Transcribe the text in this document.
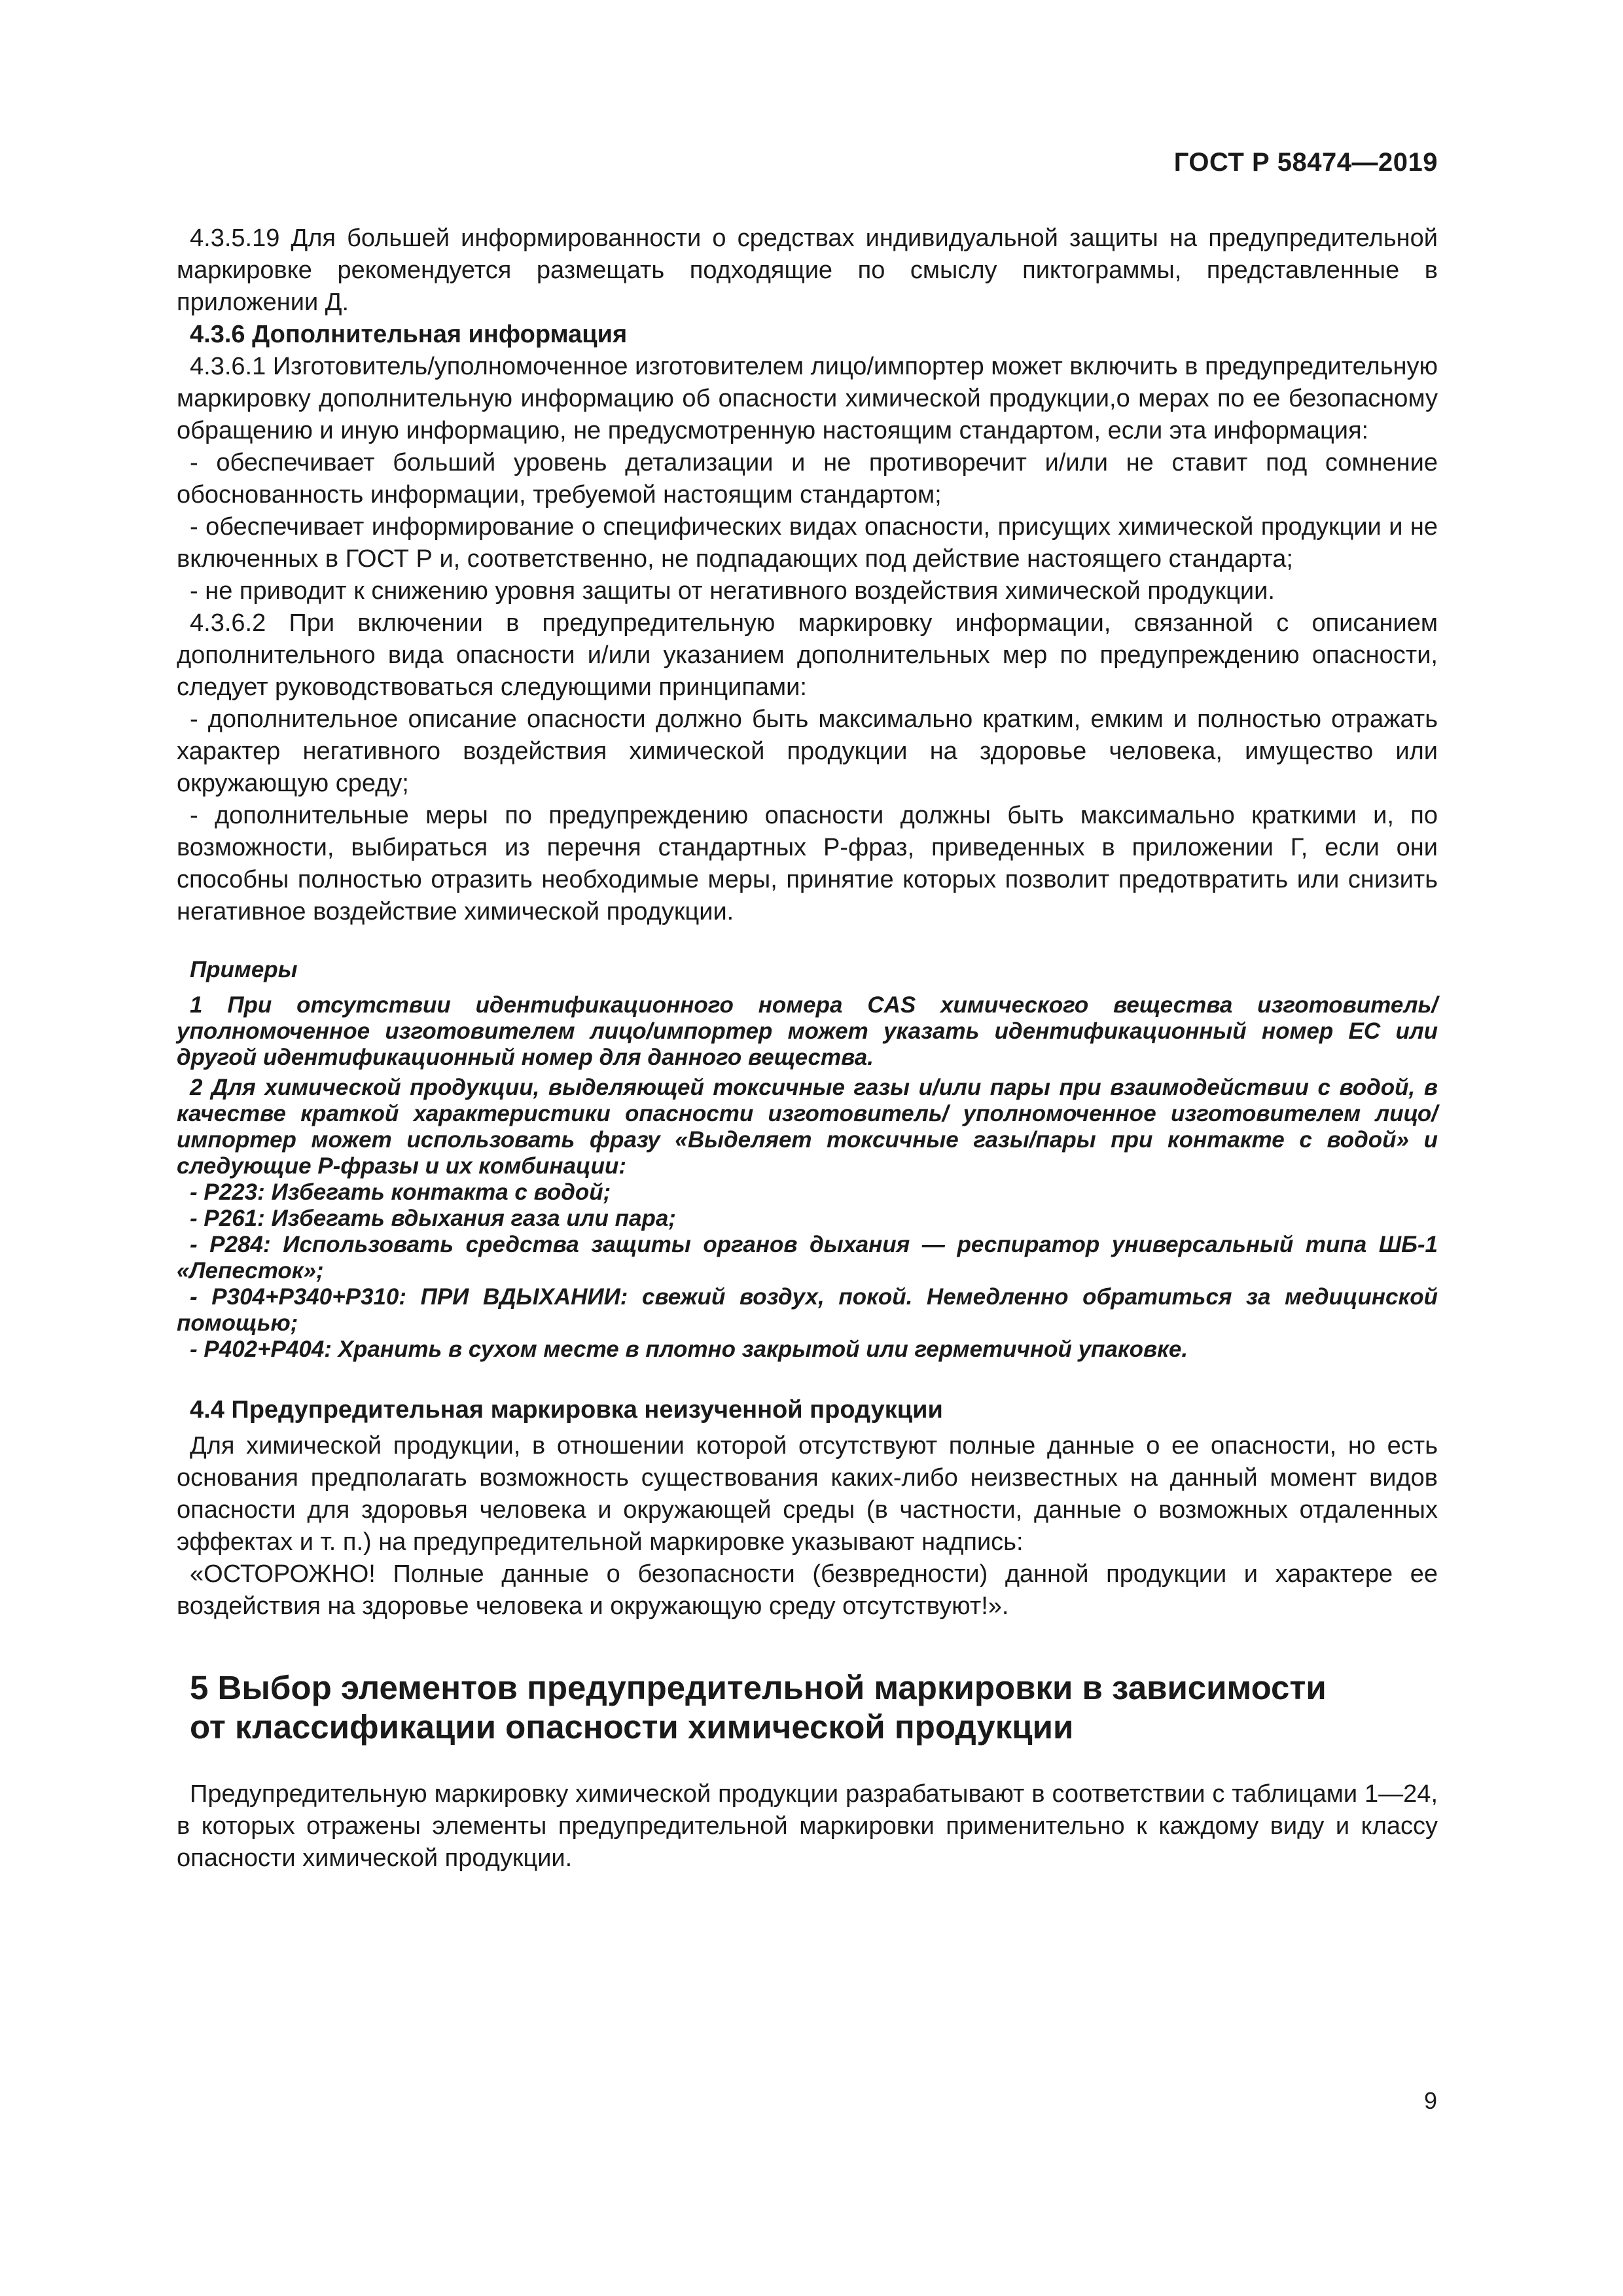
ГОСТ Р 58474—2019

4.3.5.19 Для большей информированности о средствах индивидуальной защиты на предупредительной маркировке рекомендуется размещать подходящие по смыслу пиктограммы, представленные в приложении Д.

4.3.6 Дополнительная информация

4.3.6.1 Изготовитель/уполномоченное изготовителем лицо/импортер может включить в предупредительную маркировку дополнительную информацию об опасности химической продукции,о мерах по ее безопасному обращению и иную информацию, не предусмотренную настоящим стандартом, если эта информация:

- обеспечивает больший уровень детализации и не противоречит и/или не ставит под сомнение обоснованность информации, требуемой настоящим стандартом;

- обеспечивает информирование о специфических видах опасности, присущих химической продукции и не включенных в ГОСТ Р и, соответственно, не подпадающих под действие настоящего стандарта;

- не приводит к снижению уровня защиты от негативного воздействия химической продукции.

4.3.6.2 При включении в предупредительную маркировку информации, связанной с описанием дополнительного вида опасности и/или указанием дополнительных мер по предупреждению опасности, следует руководствоваться следующими принципами:

- дополнительное описание опасности должно быть максимально кратким, емким и полностью отражать характер негативного воздействия химической продукции на здоровье человека, имущество или окружающую среду;

- дополнительные меры по предупреждению опасности должны быть максимально краткими и, по возможности, выбираться из перечня стандартных Р-фраз, приведенных в приложении Г, если они способны полностью отразить необходимые меры, принятие которых позволит предотвратить или снизить негативное воздействие химической продукции.

Примеры

1 При отсутствии идентификационного номера CAS химического вещества изготовитель/уполномоченное изготовителем лицо/импортер может указать идентификационный номер ЕС или другой идентификационный номер для данного вещества.

2 Для химической продукции, выделяющей токсичные газы и/или пары при взаимодействии с водой, в качестве краткой характеристики опасности изготовитель/ уполномоченное изготовителем лицо/импортер может использовать фразу «Выделяет токсичные газы/пары при контакте с водой» и следующие Р-фразы и их комбинации:

- P223: Избегать контакта с водой;

- P261: Избегать вдыхания газа или пара;

- P284: Использовать средства защиты органов дыхания — респиратор универсальный типа ШБ-1 «Лепесток»;

- P304+P340+P310: ПРИ ВДЫХАНИИ: свежий воздух, покой. Немедленно обратиться за медицинской помощью;

- P402+P404: Хранить в сухом месте в плотно закрытой или герметичной упаковке.

4.4 Предупредительная маркировка неизученной продукции

Для химической продукции, в отношении которой отсутствуют полные данные о ее опасности, но есть основания предполагать возможность существования каких-либо неизвестных на данный момент видов опасности для здоровья человека и окружающей среды (в частности, данные о возможных отдаленных эффектах и т. п.) на предупредительной маркировке указывают надпись:

«ОСТОРОЖНО! Полные данные о безопасности (безвредности) данной продукции и характере ее воздействия на здоровье человека и окружающую среду отсутствуют!».

5 Выбор элементов предупредительной маркировки в зависимости
от классификации опасности химической продукции

Предупредительную маркировку химической продукции разрабатывают в соответствии с таблицами 1—24, в которых отражены элементы предупредительной маркировки применительно к каждому виду и классу опасности химической продукции.

9
